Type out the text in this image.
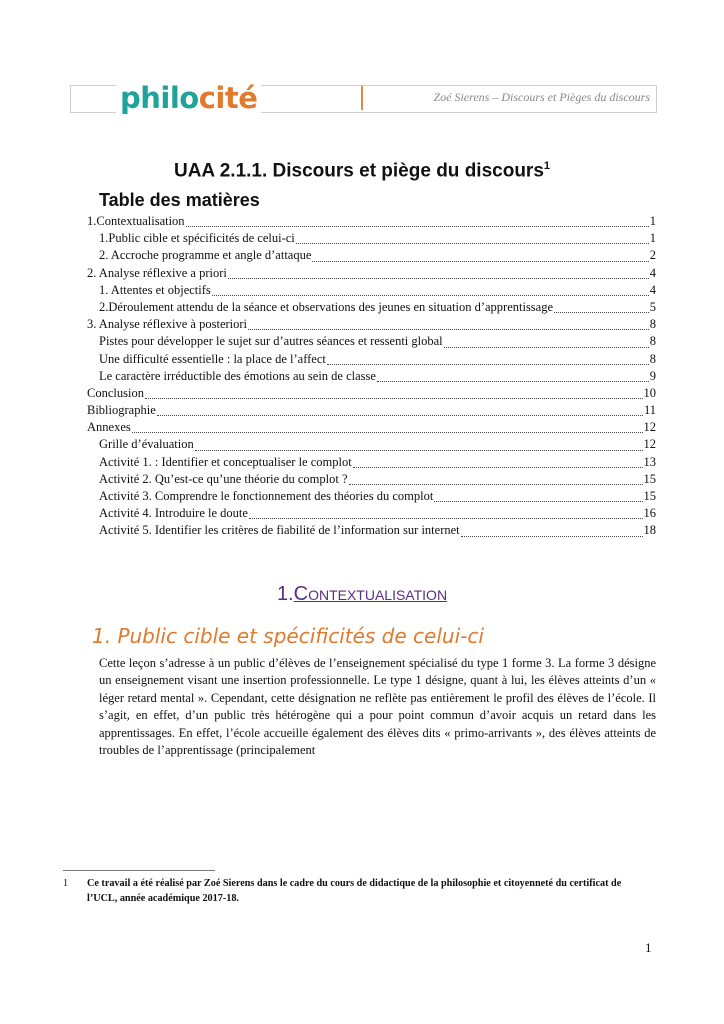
philocité	Zoé Sierens – Discours et Pièges du discours
UAA 2.1.1. Discours et piège du discours$^1$
Table des matières
1.Contextualisation	1
1.Public cible et spécificités de celui-ci	1
2. Accroche programme et angle d’attaque	2
2. Analyse réflexive a priori	4
1. Attentes et objectifs	4
2.Déroulement attendu de la séance et observations des jeunes en situation d’apprentissage	5
3. Analyse réflexive à posteriori	8
Pistes pour développer le sujet sur d’autres séances et ressenti global	8
Une difficulté essentielle : la place de l’affect	8
Le caractère irréductible des émotions au sein de classe	9
Conclusion	10
Bibliographie	11
Annexes	12
Grille d’évaluation	12
Activité 1. : Identifier et conceptualiser le complot	13
Activité 2. Qu’est-ce qu’une théorie du complot ?	15
Activité 3. Comprendre le fonctionnement des théories du complot	15
Activité 4. Introduire le doute	16
Activité 5. Identifier les critères de fiabilité de l’information sur internet	18
1.Contextualisation
1. Public cible et spécificités de celui-ci
Cette leçon s’adresse à un public d’élèves de l’enseignement spécialisé du type 1 forme 3. La forme 3 désigne un enseignement visant une insertion professionnelle. Le type 1 désigne, quant à lui, les élèves atteints d’un « léger retard mental ». Cependant, cette désignation ne reflète pas entièrement le profil des élèves de l’école. Il s’agit, en effet, d’un public très hétérogène qui a pour point commun d’avoir acquis un retard dans les apprentissages. En effet, l’école accueille également des élèves dits « primo-arrivants », des élèves atteints de troubles de l’apprentissage (principalement
1 Ce travail a été réalisé par Zoé Sierens dans le cadre du cours de didactique de la philosophie et citoyenneté du certificat de l’UCL, année académique 2017-18.
1
